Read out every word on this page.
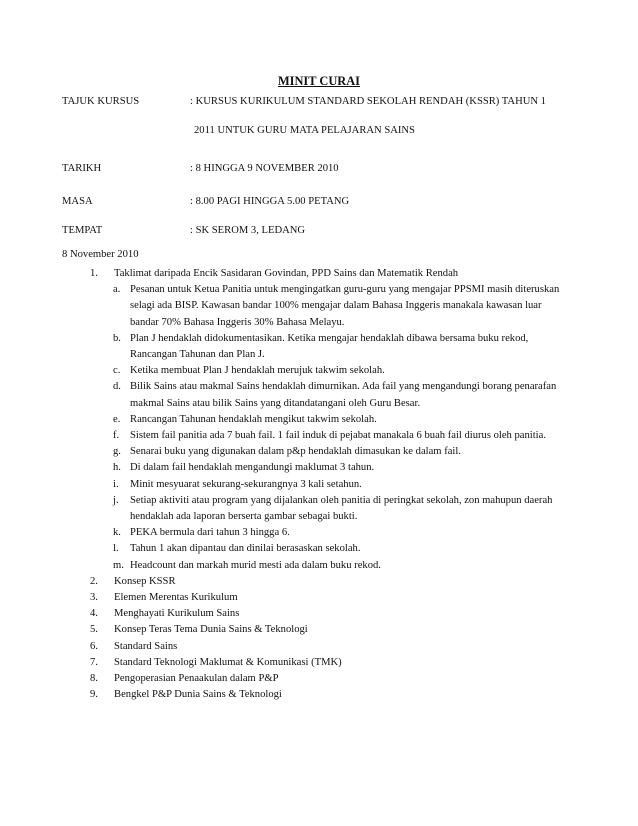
MINIT CURAI
TAJUK KURSUS	: KURSUS KURIKULUM STANDARD SEKOLAH RENDAH (KSSR) TAHUN 1
2011 UNTUK GURU MATA PELAJARAN SAINS
TARIKH	: 8 HINGGA 9 NOVEMBER 2010
MASA	: 8.00 PAGI HINGGA 5.00 PETANG
TEMPAT	: SK SEROM 3, LEDANG
8 November 2010
1. Taklimat daripada Encik Sasidaran Govindan, PPD Sains dan Matematik Rendah
a. Pesanan untuk Ketua Panitia untuk mengingatkan guru-guru yang mengajar PPSMI masih diteruskan
selagi ada BISP. Kawasan bandar 100% mengajar dalam Bahasa Inggeris manakala kawasan luar
bandar 70% Bahasa Inggeris 30% Bahasa Melayu.
b. Plan J hendaklah didokumentasikan. Ketika mengajar hendaklah dibawa bersama buku rekod,
Rancangan Tahunan dan Plan J.
c. Ketika membuat Plan J hendaklah merujuk takwim sekolah.
d. Bilik Sains atau makmal Sains hendaklah dimurnikan. Ada fail yang mengandungi borang penarafan
makmal Sains atau bilik Sains yang ditandatangani oleh Guru Besar.
e. Rancangan Tahunan hendaklah mengikut takwim sekolah.
f. Sistem fail panitia ada 7 buah fail. 1 fail induk di pejabat manakala 6 buah fail diurus oleh panitia.
g. Senarai buku yang digunakan dalam p&p hendaklah dimasukan ke dalam fail.
h. Di dalam fail hendaklah mengandungi maklumat 3 tahun.
i. Minit mesyuarat sekurang-sekurangnya 3 kali setahun.
j. Setiap aktiviti atau program yang dijalankan oleh panitia di peringkat sekolah, zon mahupun daerah
hendaklah ada laporan berserta gambar sebagai bukti.
k. PEKA bermula dari tahun 3 hingga 6.
l. Tahun 1 akan dipantau dan dinilai berasaskan sekolah.
m. Headcount dan markah murid mesti ada dalam buku rekod.
2. Konsep KSSR
3. Elemen Merentas Kurikulum
4. Menghayati Kurikulum Sains
5. Konsep Teras Tema Dunia Sains & Teknologi
6. Standard Sains
7. Standard Teknologi Maklumat & Komunikasi (TMK)
8. Pengoperasian Penaakulan dalam P&P
9. Bengkel P&P Dunia Sains & Teknologi
